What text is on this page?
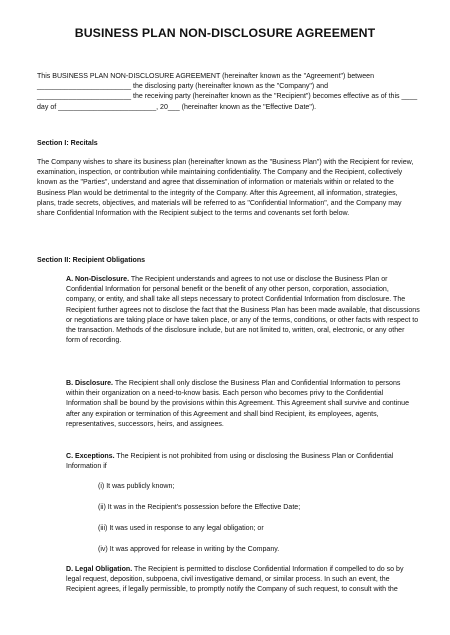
BUSINESS PLAN NON-DISCLOSURE AGREEMENT

This BUSINESS PLAN NON-DISCLOSURE AGREEMENT (hereinafter known as the "Agreement") between ________________________ the disclosing party (hereinafter known as the "Company") and ________________________ the receiving party (hereinafter known as the "Recipient") becomes effective as of this ____ day of _________________________, 20___ (hereinafter known as the "Effective Date").

Section I: Recitals

The Company wishes to share its business plan (hereinafter known as the "Business Plan") with the Recipient for review, examination, inspection, or contribution while maintaining confidentiality. The Company and the Recipient, collectively known as the "Parties", understand and agree that dissemination of information or materials within or related to the Business Plan would be detrimental to the integrity of the Company. After this Agreement, all information, strategies, plans, trade secrets, objectives, and materials will be referred to as "Confidential Information", and the Company may share Confidential Information with the Recipient subject to the terms and covenants set forth below.

Section II: Recipient Obligations

A. Non-Disclosure. The Recipient understands and agrees to not use or disclose the Business Plan or Confidential Information for personal benefit or the benefit of any other person, corporation, association, company, or entity, and shall take all steps necessary to protect Confidential Information from disclosure. The Recipient further agrees not to disclose the fact that the Business Plan has been made available, that discussions or negotiations are taking place or have taken place, or any of the terms, conditions, or other facts with respect to the transaction. Methods of the disclosure include, but are not limited to, written, oral, electronic, or any other form of recording.

B. Disclosure. The Recipient shall only disclose the Business Plan and Confidential Information to persons within their organization on a need-to-know basis. Each person who becomes privy to the Confidential Information shall be bound by the provisions within this Agreement. This Agreement shall survive and continue after any expiration or termination of this Agreement and shall bind Recipient, its employees, agents, representatives, successors, heirs, and assignees.

C. Exceptions. The Recipient is not prohibited from using or disclosing the Business Plan or Confidential Information if

(i) It was publicly known;

(ii) It was in the Recipient's possession before the Effective Date;

(iii) It was used in response to any legal obligation; or

(iv) It was approved for release in writing by the Company.

D. Legal Obligation. The Recipient is permitted to disclose Confidential Information if compelled to do so by legal request, deposition, subpoena, civil investigative demand, or similar process. In such an event, the Recipient agrees, if legally permissible, to promptly notify the Company of such request, to consult with the
